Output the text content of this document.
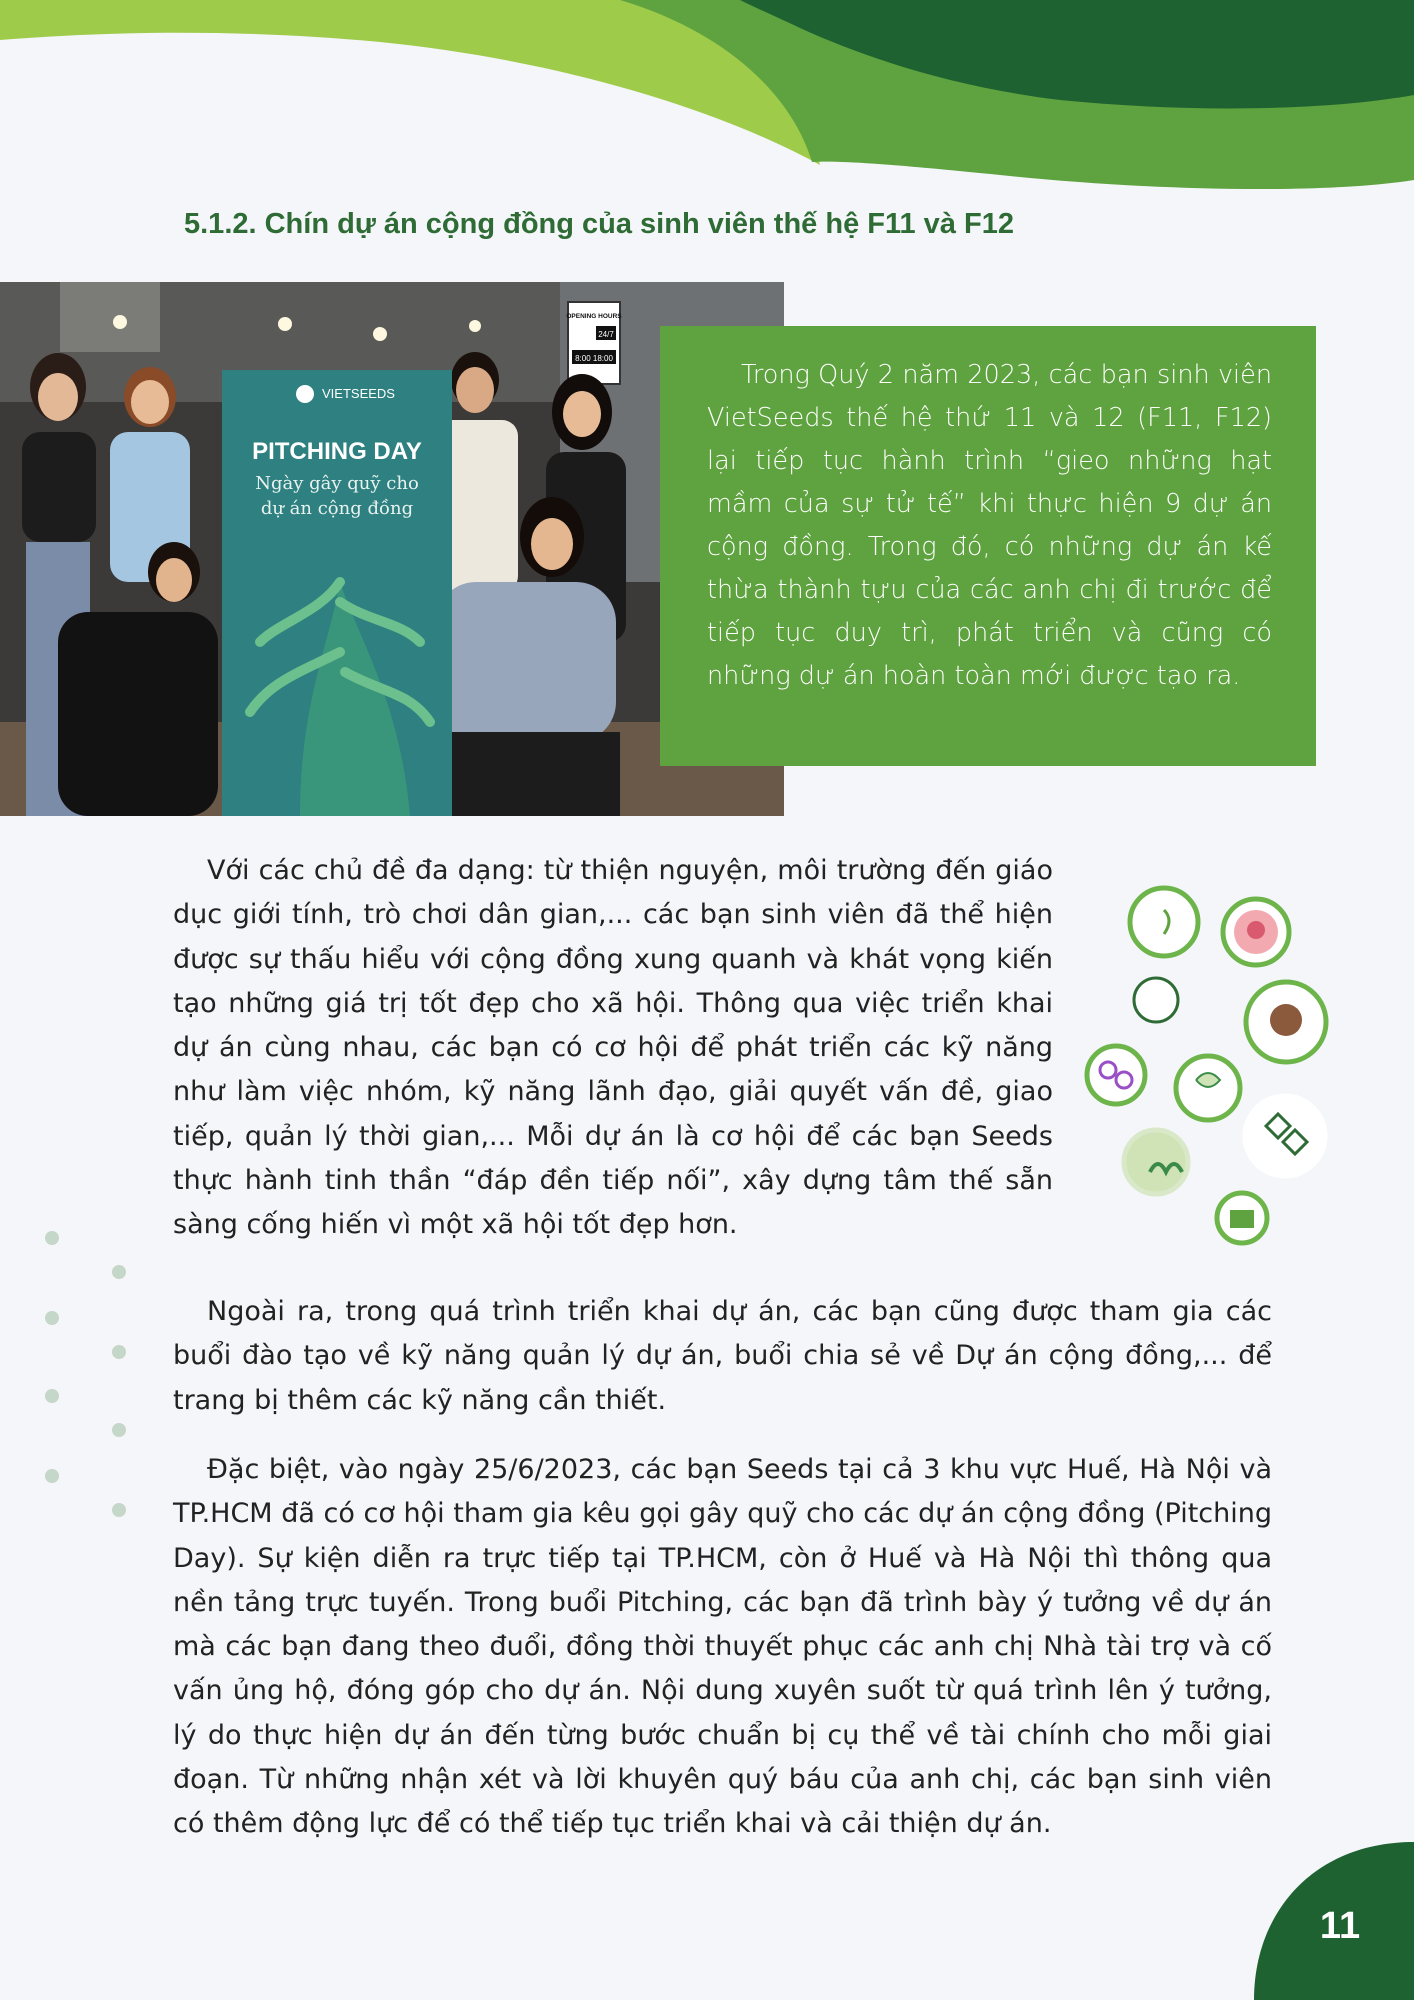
5.1.2. Chín dự án cộng đồng của sinh viên thế hệ F11 và F12
OPENING HOURS
24/7
8:00 18:00
VIETSEEDS
PITCHING DAY
Ngày gây quỹ cho
dự án cộng đồng

Trong Quý 2 năm 2023, các bạn sinh viên VietSeeds thế hệ thứ 11 và 12 (F11, F12) lại tiếp tục hành trình “gieo những hạt mầm của sự tử tế” khi thực hiện 9 dự án cộng đồng. Trong đó, có những dự án kế thừa thành tựu của các anh chị đi trước để tiếp tục duy trì, phát triển và cũng có những dự án hoàn toàn mới được tạo ra.

Với các chủ đề đa dạng: từ thiện nguyện, môi trường đến giáo dục giới tính, trò chơi dân gian,... các bạn sinh viên đã thể hiện được sự thấu hiểu với cộng đồng xung quanh và khát vọng kiến tạo những giá trị tốt đẹp cho xã hội. Thông qua việc triển khai dự án cùng nhau, các bạn có cơ hội để phát triển các kỹ năng như làm việc nhóm, kỹ năng lãnh đạo, giải quyết vấn đề, giao tiếp, quản lý thời gian,... Mỗi dự án là cơ hội để các bạn Seeds thực hành tinh thần “đáp đền tiếp nối”, xây dựng tâm thế sẵn sàng cống hiến vì một xã hội tốt đẹp hơn.

Ngoài ra, trong quá trình triển khai dự án, các bạn cũng được tham gia các buổi đào tạo về kỹ năng quản lý dự án, buổi chia sẻ về Dự án cộng đồng,... để trang bị thêm các kỹ năng cần thiết.

Đặc biệt, vào ngày 25/6/2023, các bạn Seeds tại cả 3 khu vực Huế, Hà Nội và TP.HCM đã có cơ hội tham gia kêu gọi gây quỹ cho các dự án cộng đồng (Pitching Day). Sự kiện diễn ra trực tiếp tại TP.HCM, còn ở Huế và Hà Nội thì thông qua nền tảng trực tuyến. Trong buổi Pitching, các bạn đã trình bày ý tưởng về dự án mà các bạn đang theo đuổi, đồng thời thuyết phục các anh chị Nhà tài trợ và cố vấn ủng hộ, đóng góp cho dự án. Nội dung xuyên suốt từ quá trình lên ý tưởng, lý do thực hiện dự án đến từng bước chuẩn bị cụ thể về tài chính cho mỗi giai đoạn. Từ những nhận xét và lời khuyên quý báu của anh chị, các bạn sinh viên có thêm động lực để có thể tiếp tục triển khai và cải thiện dự án.

11
